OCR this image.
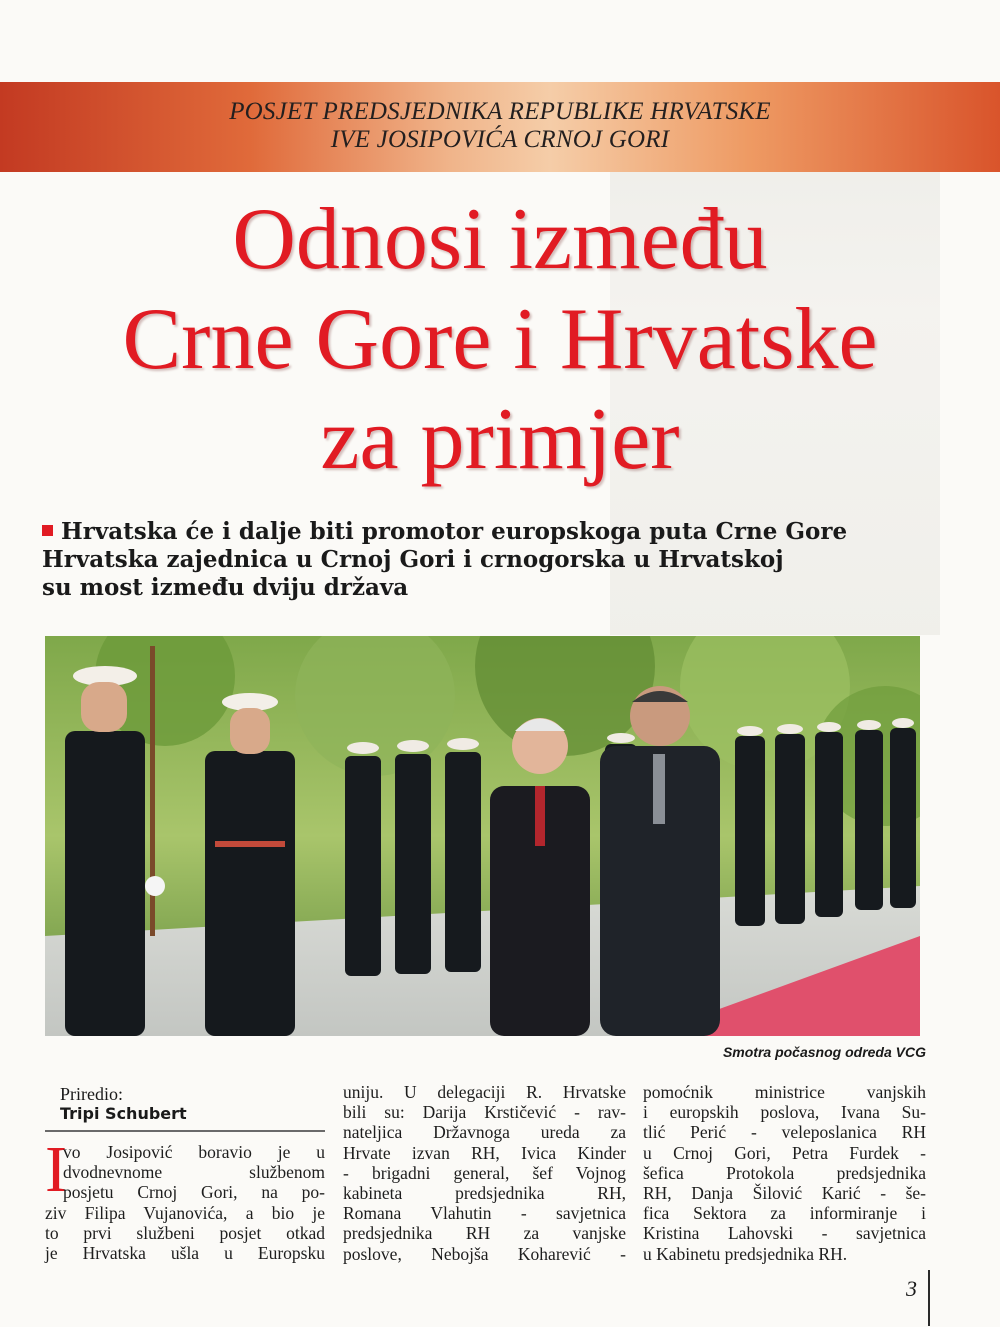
POSJET PREDSJEDNIKA REPUBLIKE HRVATSKE
IVE JOSIPOVIĆA CRNOJ GORI
Odnosi između
Crne Gore i Hrvatske
za primjer
Hrvatska će i dalje biti promotor europskoga puta Crne Gore
Hrvatska zajednica u Crnoj Gori i crnogorska u Hrvatskoj
su most između dviju država
Smotra počasnog odreda VCG
Priredio:
Tripi Schubert
I
vo Josipović boravio je u
dvodnevnome službenom
posjetu Crnoj Gori, na po-
ziv Filipa Vujanovića, a bio je
to prvi službeni posjet otkad
je Hrvatska ušla u Europsku
uniju. U delegaciji R. Hrvatske
bili su: Darija Krstičević - rav-
nateljica Državnoga ureda za
Hrvate izvan RH, Ivica Kinder
- brigadni general, šef Vojnog
kabineta predsjednika RH,
Romana Vlahutin - savjetnica
predsjednika RH za vanjske
poslove, Nebojša Koharević -
pomoćnik ministrice vanjskih
i europskih poslova, Ivana Su-
tlić Perić - veleposlanica RH
u Crnoj Gori, Petra Furdek -
šefica Protokola predsjednika
RH, Danja Šilović Karić - še-
fica Sektora za informiranje i
Kristina Lahovski - savjetnica
u Kabinetu predsjednika RH.
3
